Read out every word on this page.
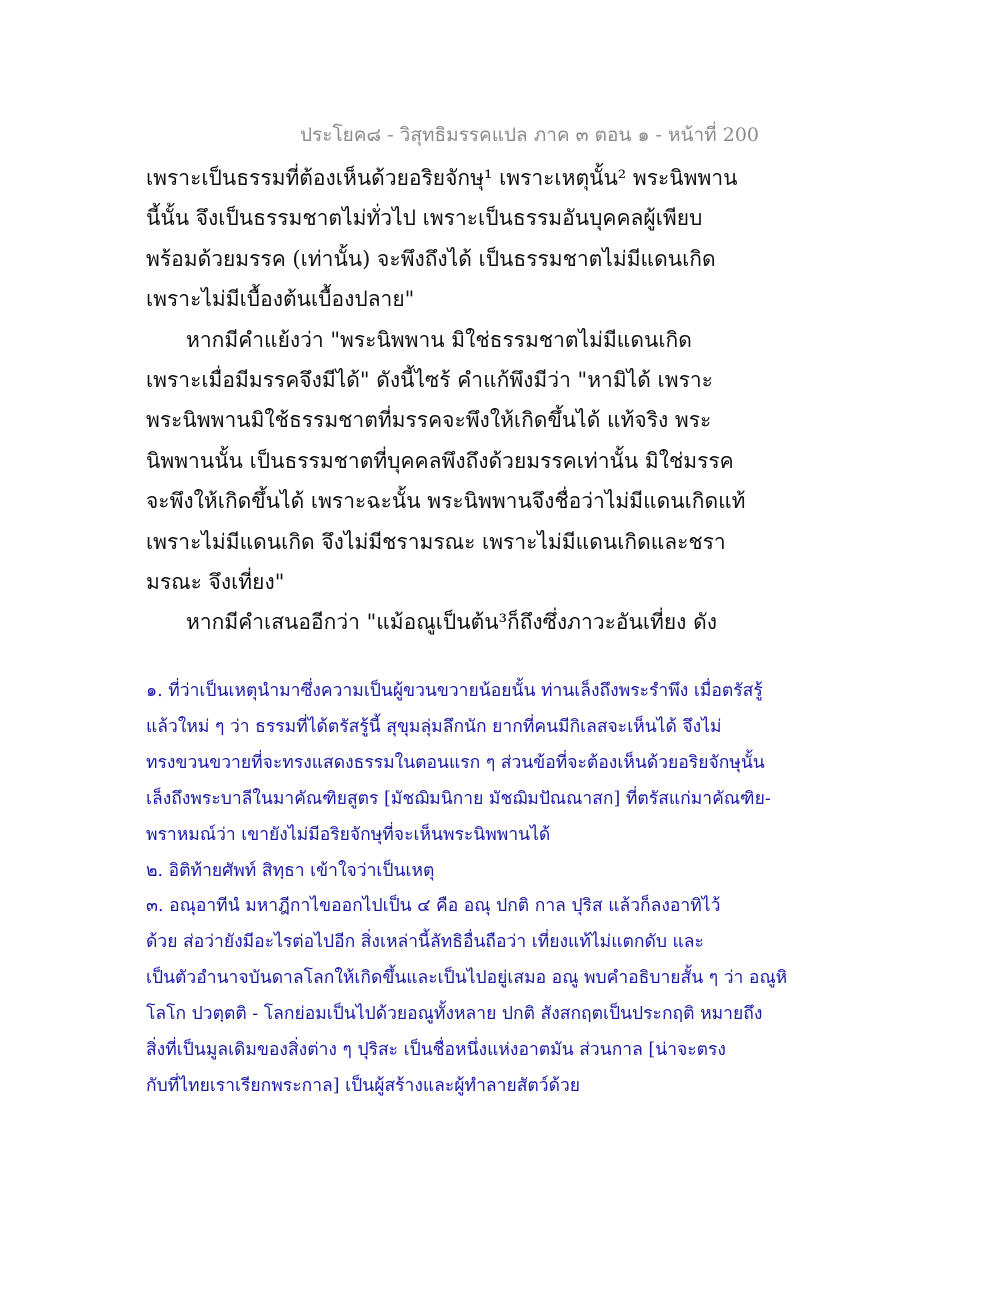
ประโยค๘ - วิสุทธิมรรคแปล ภาค ๓ ตอน ๑ - หน้าที่ 200
เพราะเป็นธรรมที่ต้องเห็นด้วยอริยจักษุ¹ เพราะเหตุนั้น² พระนิพพาน
นี้นั้น จึงเป็นธรรมชาตไม่ทั่วไป เพราะเป็นธรรมอันบุคคลผู้เพียบ
พร้อมด้วยมรรค (เท่านั้น) จะพึงถึงได้ เป็นธรรมชาตไม่มีแดนเกิด
เพราะไม่มีเบื้องต้นเบื้องปลาย"
หากมีคำแย้งว่า "พระนิพพาน มิใช่ธรรมชาตไม่มีแดนเกิด
เพราะเมื่อมีมรรคจึงมีได้" ดังนี้ไซร้ คำแก้พึงมีว่า "หามิได้ เพราะ
พระนิพพานมิใช้ธรรมชาตที่มรรคจะพึงให้เกิดขึ้นได้ แท้จริง พระ
นิพพานนั้น เป็นธรรมชาตที่บุคคลพึงถึงด้วยมรรคเท่านั้น มิใช่มรรค
จะพึงให้เกิดขึ้นได้ เพราะฉะนั้น พระนิพพานจึงชื่อว่าไม่มีแดนเกิดแท้
เพราะไม่มีแดนเกิด จึงไม่มีชรามรณะ เพราะไม่มีแดนเกิดและชรา
มรณะ จึงเที่ยง"
หากมีคำเสนออีกว่า "แม้อณูเป็นต้น³ก็ถึงซึ่งภาวะอันเที่ยง ดัง
๑. ที่ว่าเป็นเหตุนำมาซึ่งความเป็นผู้ขวนขวายน้อยนั้น ท่านเล็งถึงพระรำพึง เมื่อตรัสรู้
แล้วใหม่ ๆ ว่า ธรรมที่ได้ตรัสรู้นี้ สุขุมลุ่มลึกนัก ยากที่คนมีกิเลสจะเห็นได้ จึงไม่
ทรงขวนขวายที่จะทรงแสดงธรรมในตอนแรก ๆ ส่วนข้อที่จะต้องเห็นด้วยอริยจักษุนั้น
เล็งถึงพระบาลีในมาคัณฑิยสูตร [มัชฌิมนิกาย มัชฌิมปัณณาสก] ที่ตรัสแก่มาคัณฑิย-
พราหมณ์ว่า เขายังไม่มีอริยจักษุที่จะเห็นพระนิพพานได้
๒. อิติท้ายศัพท์ สิทฺธา เข้าใจว่าเป็นเหตุ
๓. อณุอาทีนํ มหาฎีกาไขออกไปเป็น ๔ คือ อณุ ปกติ กาล ปุริส แล้วก็ลงอาทิไว้
ด้วย ส่อว่ายังมีอะไรต่อไปอีก สิ่งเหล่านี้ลัทธิอื่นถือว่า เที่ยงแท้ไม่แตกดับ และ
เป็นตัวอำนาจบันดาลโลกให้เกิดขึ้นและเป็นไปอยู่เสมอ อณู พบคำอธิบายสั้น ๆ ว่า อณูหิ
โลโก ปวตฺตติ - โลกย่อมเป็นไปด้วยอณูทั้งหลาย ปกติ สังสกฤตเป็นประกฤติ หมายถึง
สิ่งที่เป็นมูลเดิมของสิ่งต่าง ๆ ปุริสะ เป็นชื่อหนึ่งแห่งอาตมัน ส่วนกาล [น่าจะตรง
กับที่ไทยเราเรียกพระกาล] เป็นผู้สร้างและผู้ทำลายสัตว์ด้วย
